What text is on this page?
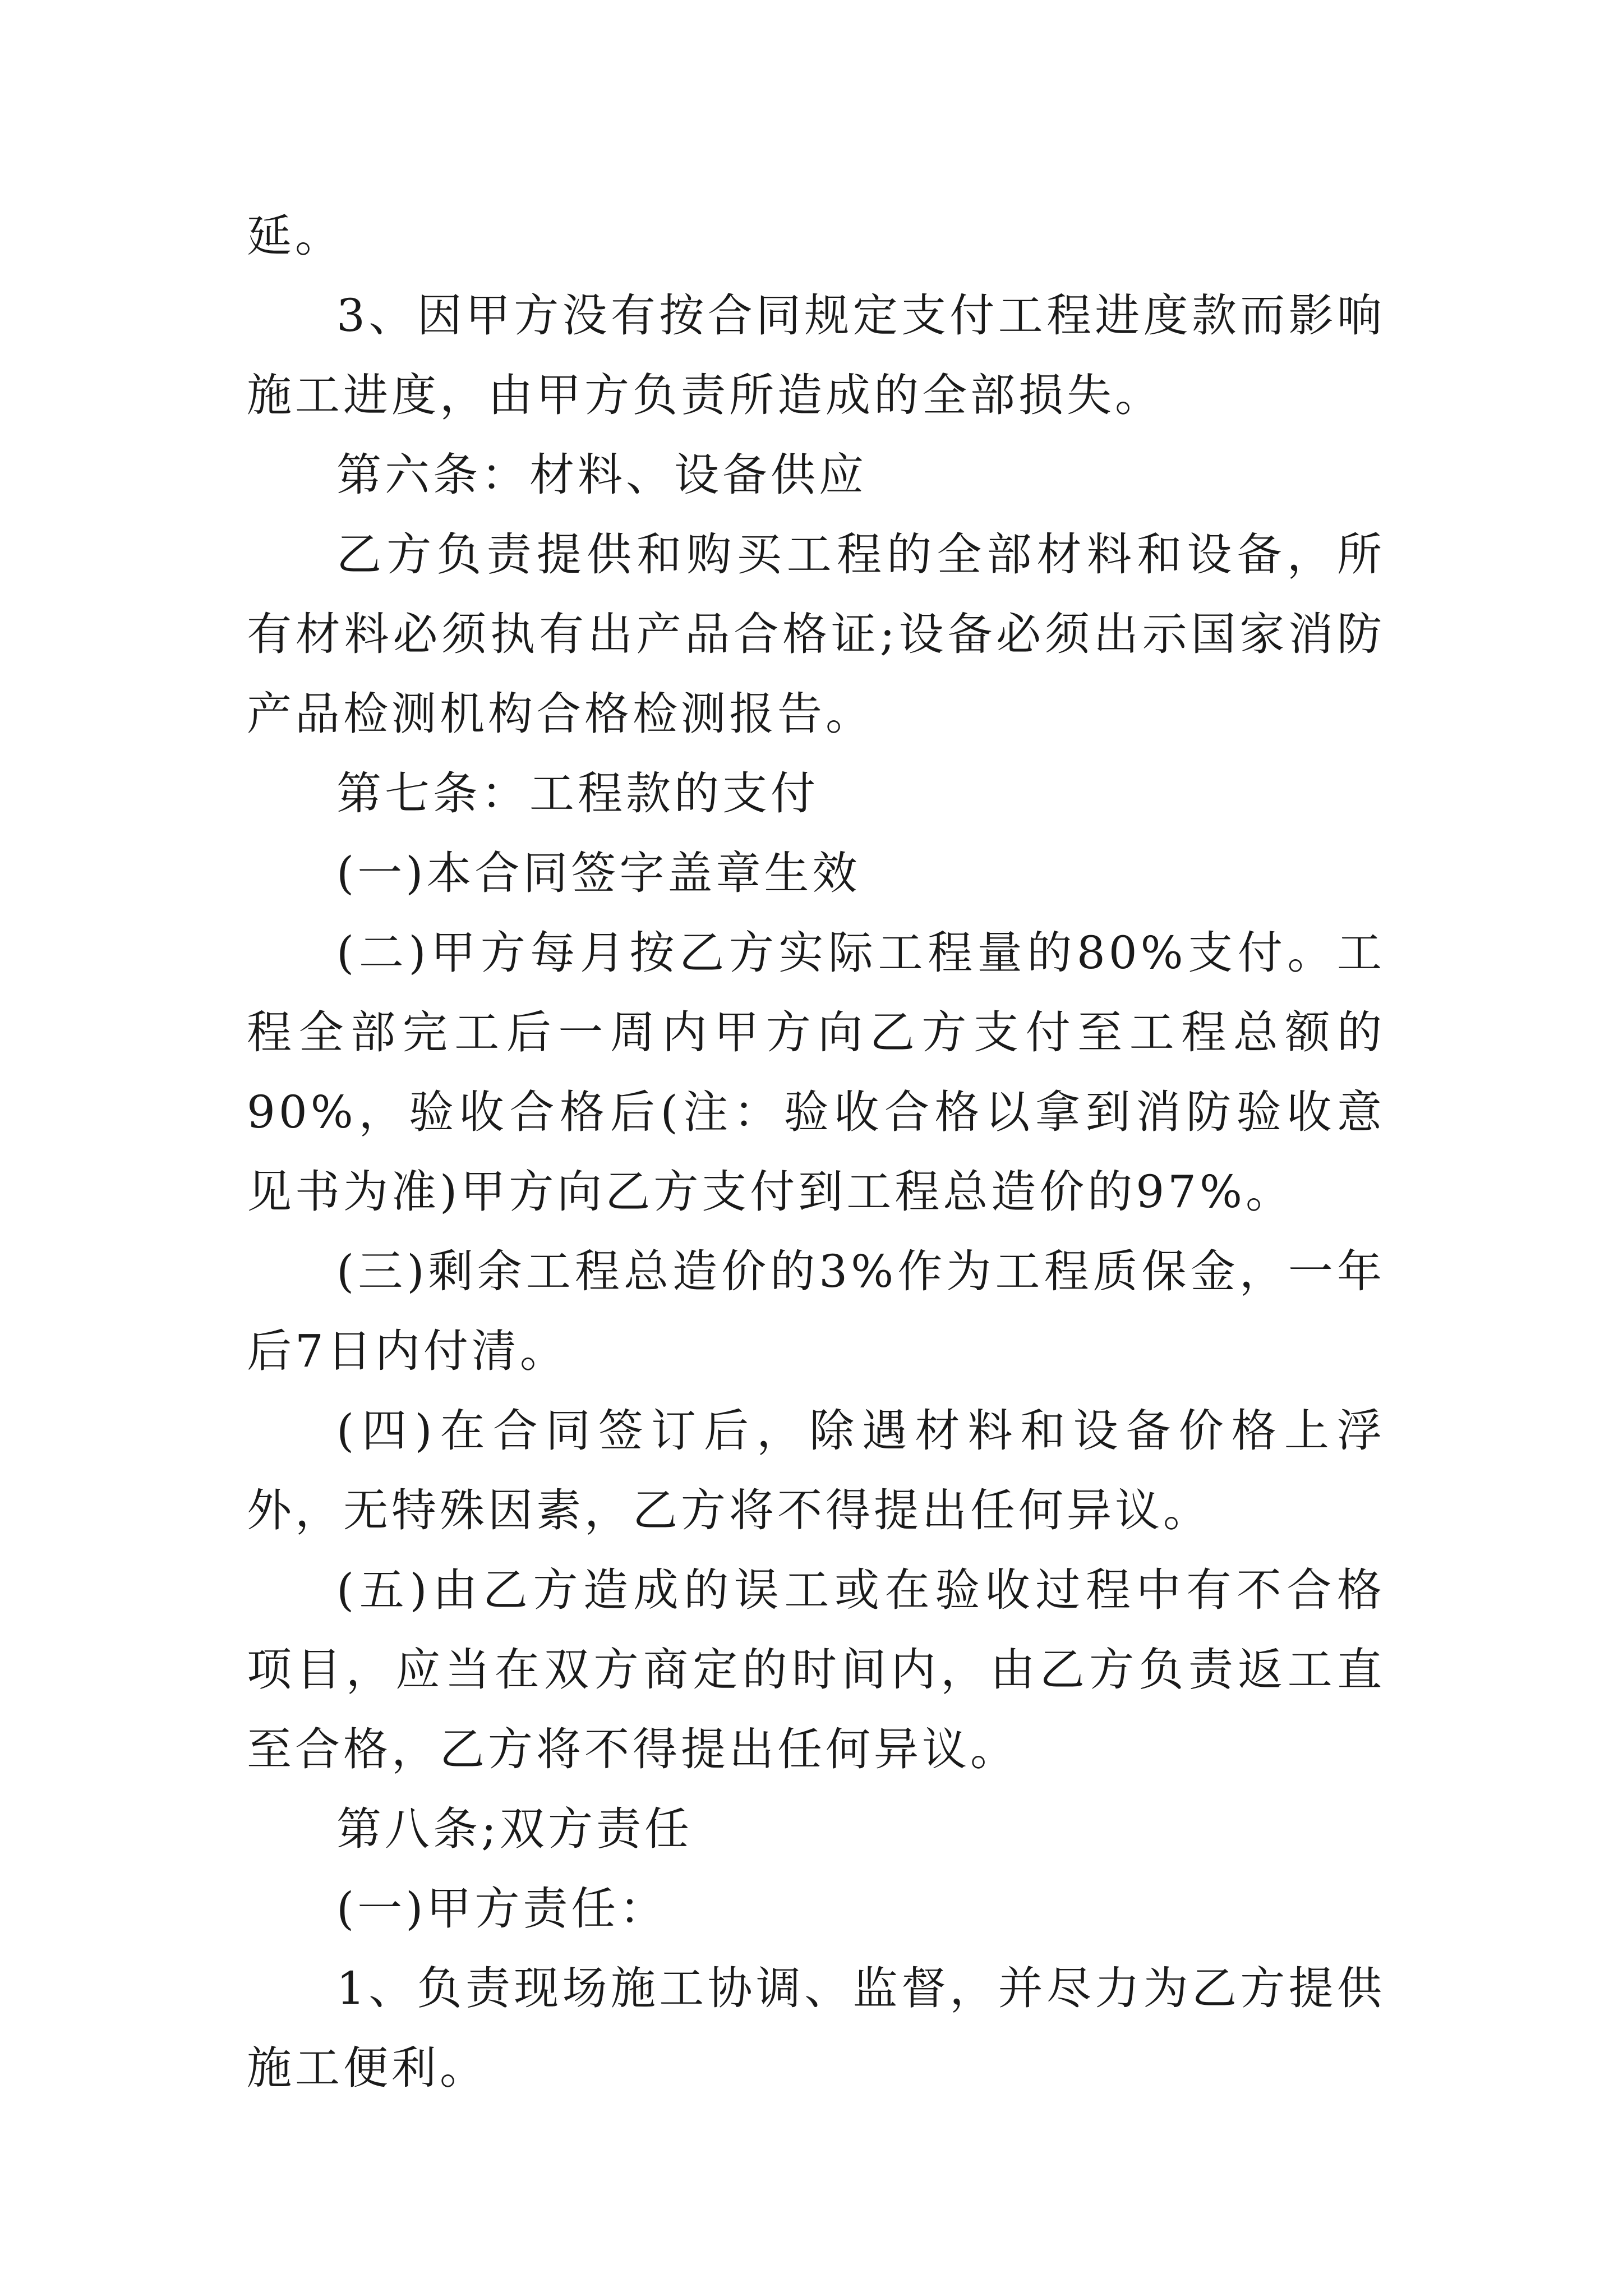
延。

3、因甲方没有按合同规定支付工程进度款而影响施工进度，由甲方负责所造成的全部损失。

第六条：材料、设备供应

乙方负责提供和购买工程的全部材料和设备，所有材料必须执有出产品合格证;设备必须出示国家消防产品检测机构合格检测报告。

第七条：工程款的支付

(一)本合同签字盖章生效

(二)甲方每月按乙方实际工程量的80%支付。工程全部完工后一周内甲方向乙方支付至工程总额的90%，验收合格后(注：验收合格以拿到消防验收意见书为准)甲方向乙方支付到工程总造价的97%。

(三)剩余工程总造价的3%作为工程质保金，一年后7日内付清。

(四)在合同签订后，除遇材料和设备价格上浮外，无特殊因素，乙方将不得提出任何异议。

(五)由乙方造成的误工或在验收过程中有不合格项目，应当在双方商定的时间内，由乙方负责返工直至合格，乙方将不得提出任何异议。

第八条;双方责任

(一)甲方责任：

1、负责现场施工协调、监督，并尽力为乙方提供施工便利。
